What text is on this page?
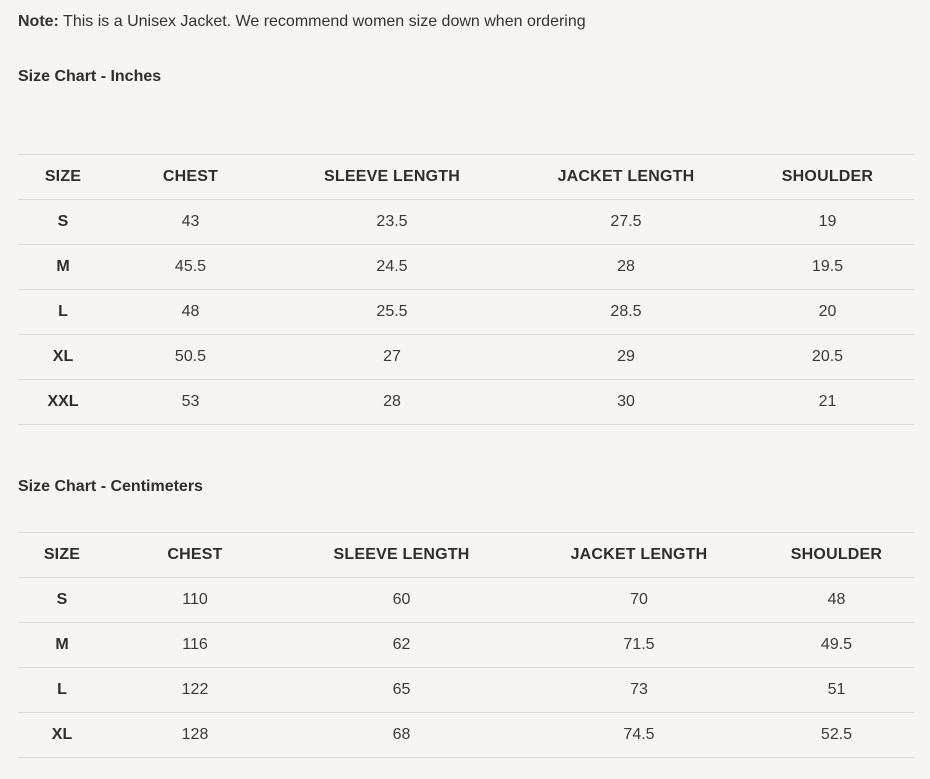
Note: This is a Unisex Jacket. We recommend women size down when ordering
Size Chart - Inches
SIZE	CHEST	SLEEVE LENGTH	JACKET LENGTH	SHOULDER
S	43	23.5	27.5	19
M	45.5	24.5	28	19.5
L	48	25.5	28.5	20
XL	50.5	27	29	20.5
XXL	53	28	30	21
Size Chart - Centimeters
SIZE	CHEST	SLEEVE LENGTH	JACKET LENGTH	SHOULDER
S	110	60	70	48
M	116	62	71.5	49.5
L	122	65	73	51
XL	128	68	74.5	52.5
